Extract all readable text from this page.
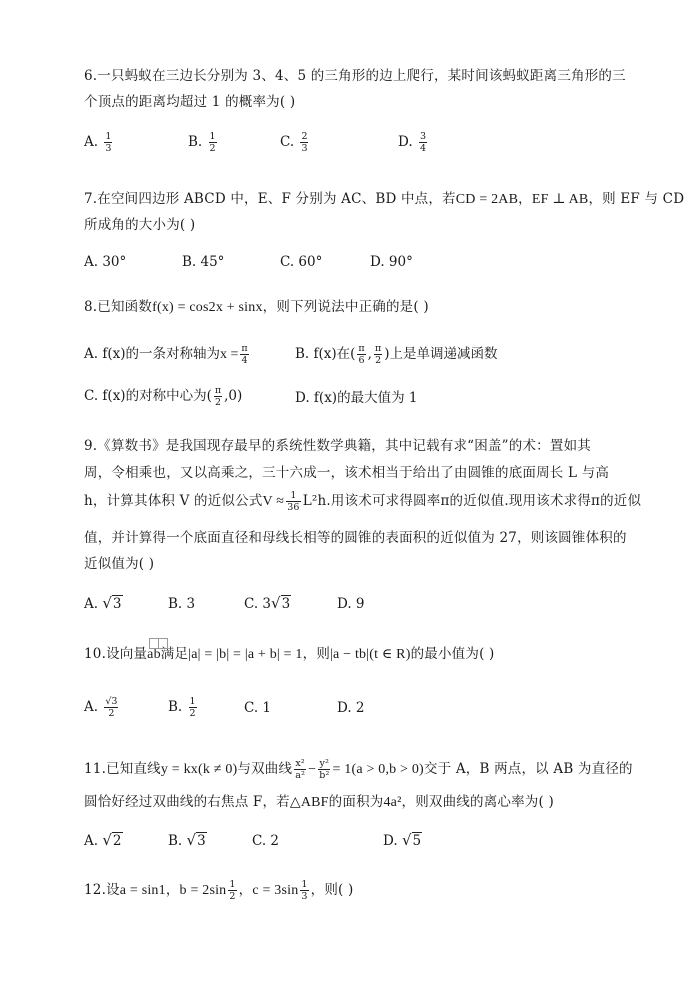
6.一只蚂蚁在三边长分别为 3、4、5 的三角形的边上爬行，某时间该蚂蚁距离三角形的三
个顶点的距离均超过 1 的概率为( )
A. $\frac{1}{3}$	B. $\frac{1}{2}$	C. $\frac{2}{3}$	D. $\frac{3}{4}$
7.在空间四边形 ABCD 中，E、F 分别为 AC、BD 中点，若CD = 2AB，EF ⊥ AB，则 EF 与 CD
所成角的大小为( )
A. 30°	B. 45°	C. 60°	D. 90°
8.已知函数f(x) = cos2x + sinx，则下列说法中正确的是( )
A. f(x)的一条对称轴为$x = \frac{\pi}{4}$	B. f(x)在( $\frac{\pi}{6}$ , $\frac{\pi}{2}$ )上是单调递减函数
C. f(x)的对称中心为( $\frac{\pi}{2} ,0$)	D. f(x)的最大值为 1
9.《算数书》是我国现存最早的系统性数学典籍，其中记载有求“困盖”的术：置如其
周，令相乘也，又以高乘之，三十六成一，该术相当于给出了由圆锥的底面周长 L 与高
h，计算其体积 V 的近似公式$V \approx \frac{1}{36} L^2h$.用该术可求得圆率π的近似值.现用该术求得π的近似
值，并计算得一个底面直径和母线长相等的圆锥的表面积的近似值为 27，则该圆锥体积的
近似值为( )
A. √3	B. 3	C. 3√3	D. 9
10.设向量
ab满足|a| = |b| = |a + b| = 1，则|a − tb|(t ∈ R)的最小值为( )
A. $\frac{√3}{2}$	B. $\frac{1}{2}$	C. 1	D. 2
11.已知直线y = kx(k ≠ 0)与双曲线 $\frac{\text{x²}}{\text{a²}} - \frac{\text{y²}}{\text{b²}} = 1(a > 0,b > 0)$交于 A，B 两点，以 AB 为直径的
圆恰好经过双曲线的右焦点 F，若△ABF的面积为4a²，则双曲线的离心率为( )
A. √2	B. √3	C. 2	D. √5
12.设a = sin1，$b = 2\sin \frac{1}{2}$ ，$c = 3\sin \frac{1}{3}$ ，则( )
